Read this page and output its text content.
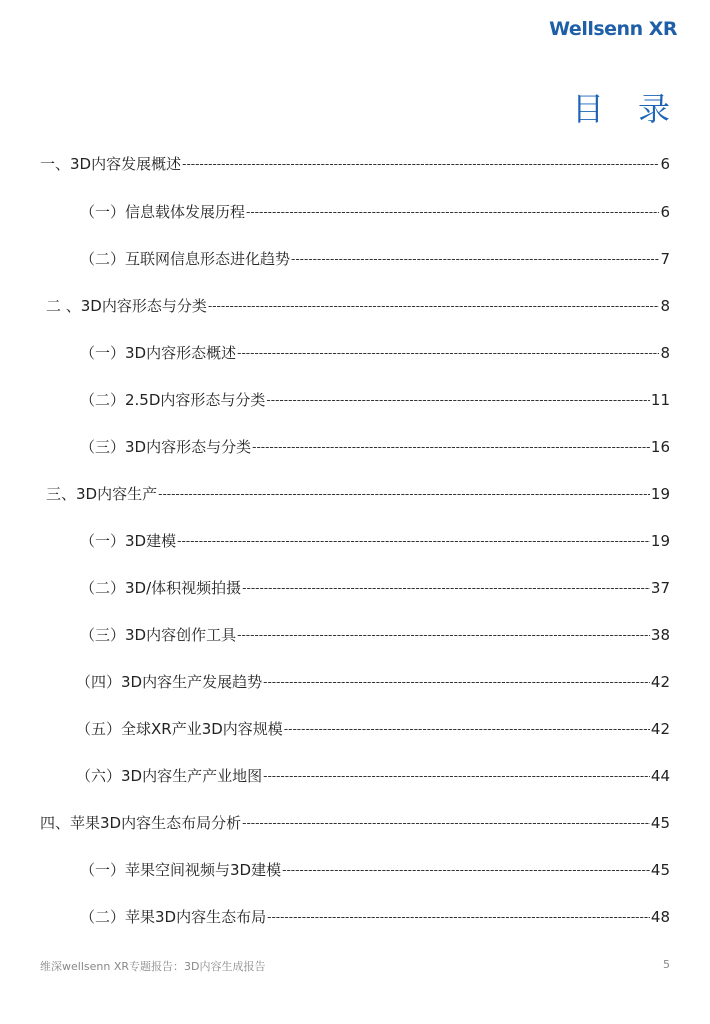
Wellsenn XR
目录
一、3D内容发展概述 -----	6
（一）信息载体发展历程 -----	6
（二）互联网信息形态进化趋势 -----	7
二 、3D内容形态与分类 -----	8
（一）3D内容形态概述 -----	8
（二）2.5D内容形态与分类 -----	11
（三）3D内容形态与分类 -----	16
三、3D内容生产 -----	19
（一）3D建模 -----	19
（二）3D/体积视频拍摄 -----	37
（三）3D内容创作工具 -----	38
（四）3D内容生产发展趋势 -----	42
（五）全球XR产业3D内容规模 -----	42
（六）3D内容生产产业地图 -----	44
四、苹果3D内容生态布局分析 -----	45
（一）苹果空间视频与3D建模 -----	45
（二）苹果3D内容生态布局 -----	48
维深wellsenn XR专题报告：3D内容生成报告	5
